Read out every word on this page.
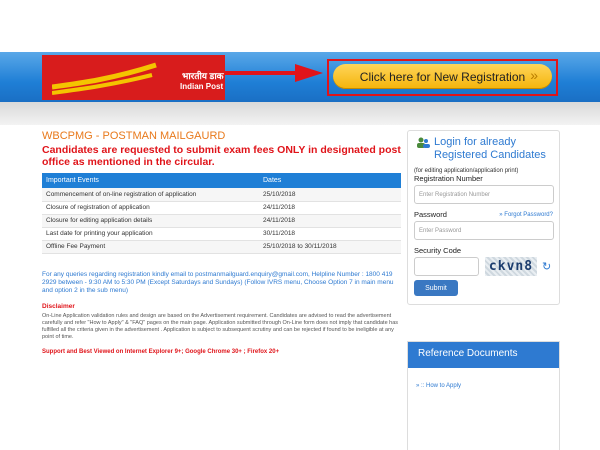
भारतीय डाक
Indian Post
Click here for New Registration »
WBCPMG - POSTMAN MAILGAURD
Candidates are requested to submit exam fees ONLY in designated post office as mentioned in the circular.
Important Events	Dates
Commencement of on-line registration of application	25/10/2018
Closure of registration of application	24/11/2018
Closure for editing application details	24/11/2018
Last date for printing your application	30/11/2018
Offline Fee Payment	25/10/2018 to 30/11/2018
For any queries regarding registration kindly email to postmanmailguard.enquiry@gmail.com, Helpline Number : 1800 419 2929 between - 9:30 AM to 5:30 PM (Except Saturdays and Sundays) (Follow IVRS menu, Choose Option 7 in main menu and option 2 in the sub menu)
Disclaimer
On-Line Application validation rules and design are based on the Advertisement requirement. Candidates are advised to read the advertisement carefully and refer "How to Apply" & "FAQ" pages on the main page. Application submitted through On-Line form does not imply that candidate has fulfilled all the criteria given in the advertisement . Application is subject to subsequent scrutiny and can be rejected if found to be ineligible at any point of time.
Support and Best Viewed on Internet Explorer 9+; Google Chrome 30+ ; Firefox 20+
Login for already Registered Candidates
(for editing application/application print)
Registration Number
Enter Registration Number
Password	» Forgot Password?
Enter Password
Security Code
ckvn8 ↻
Submit
Reference Documents
» :: How to Apply
